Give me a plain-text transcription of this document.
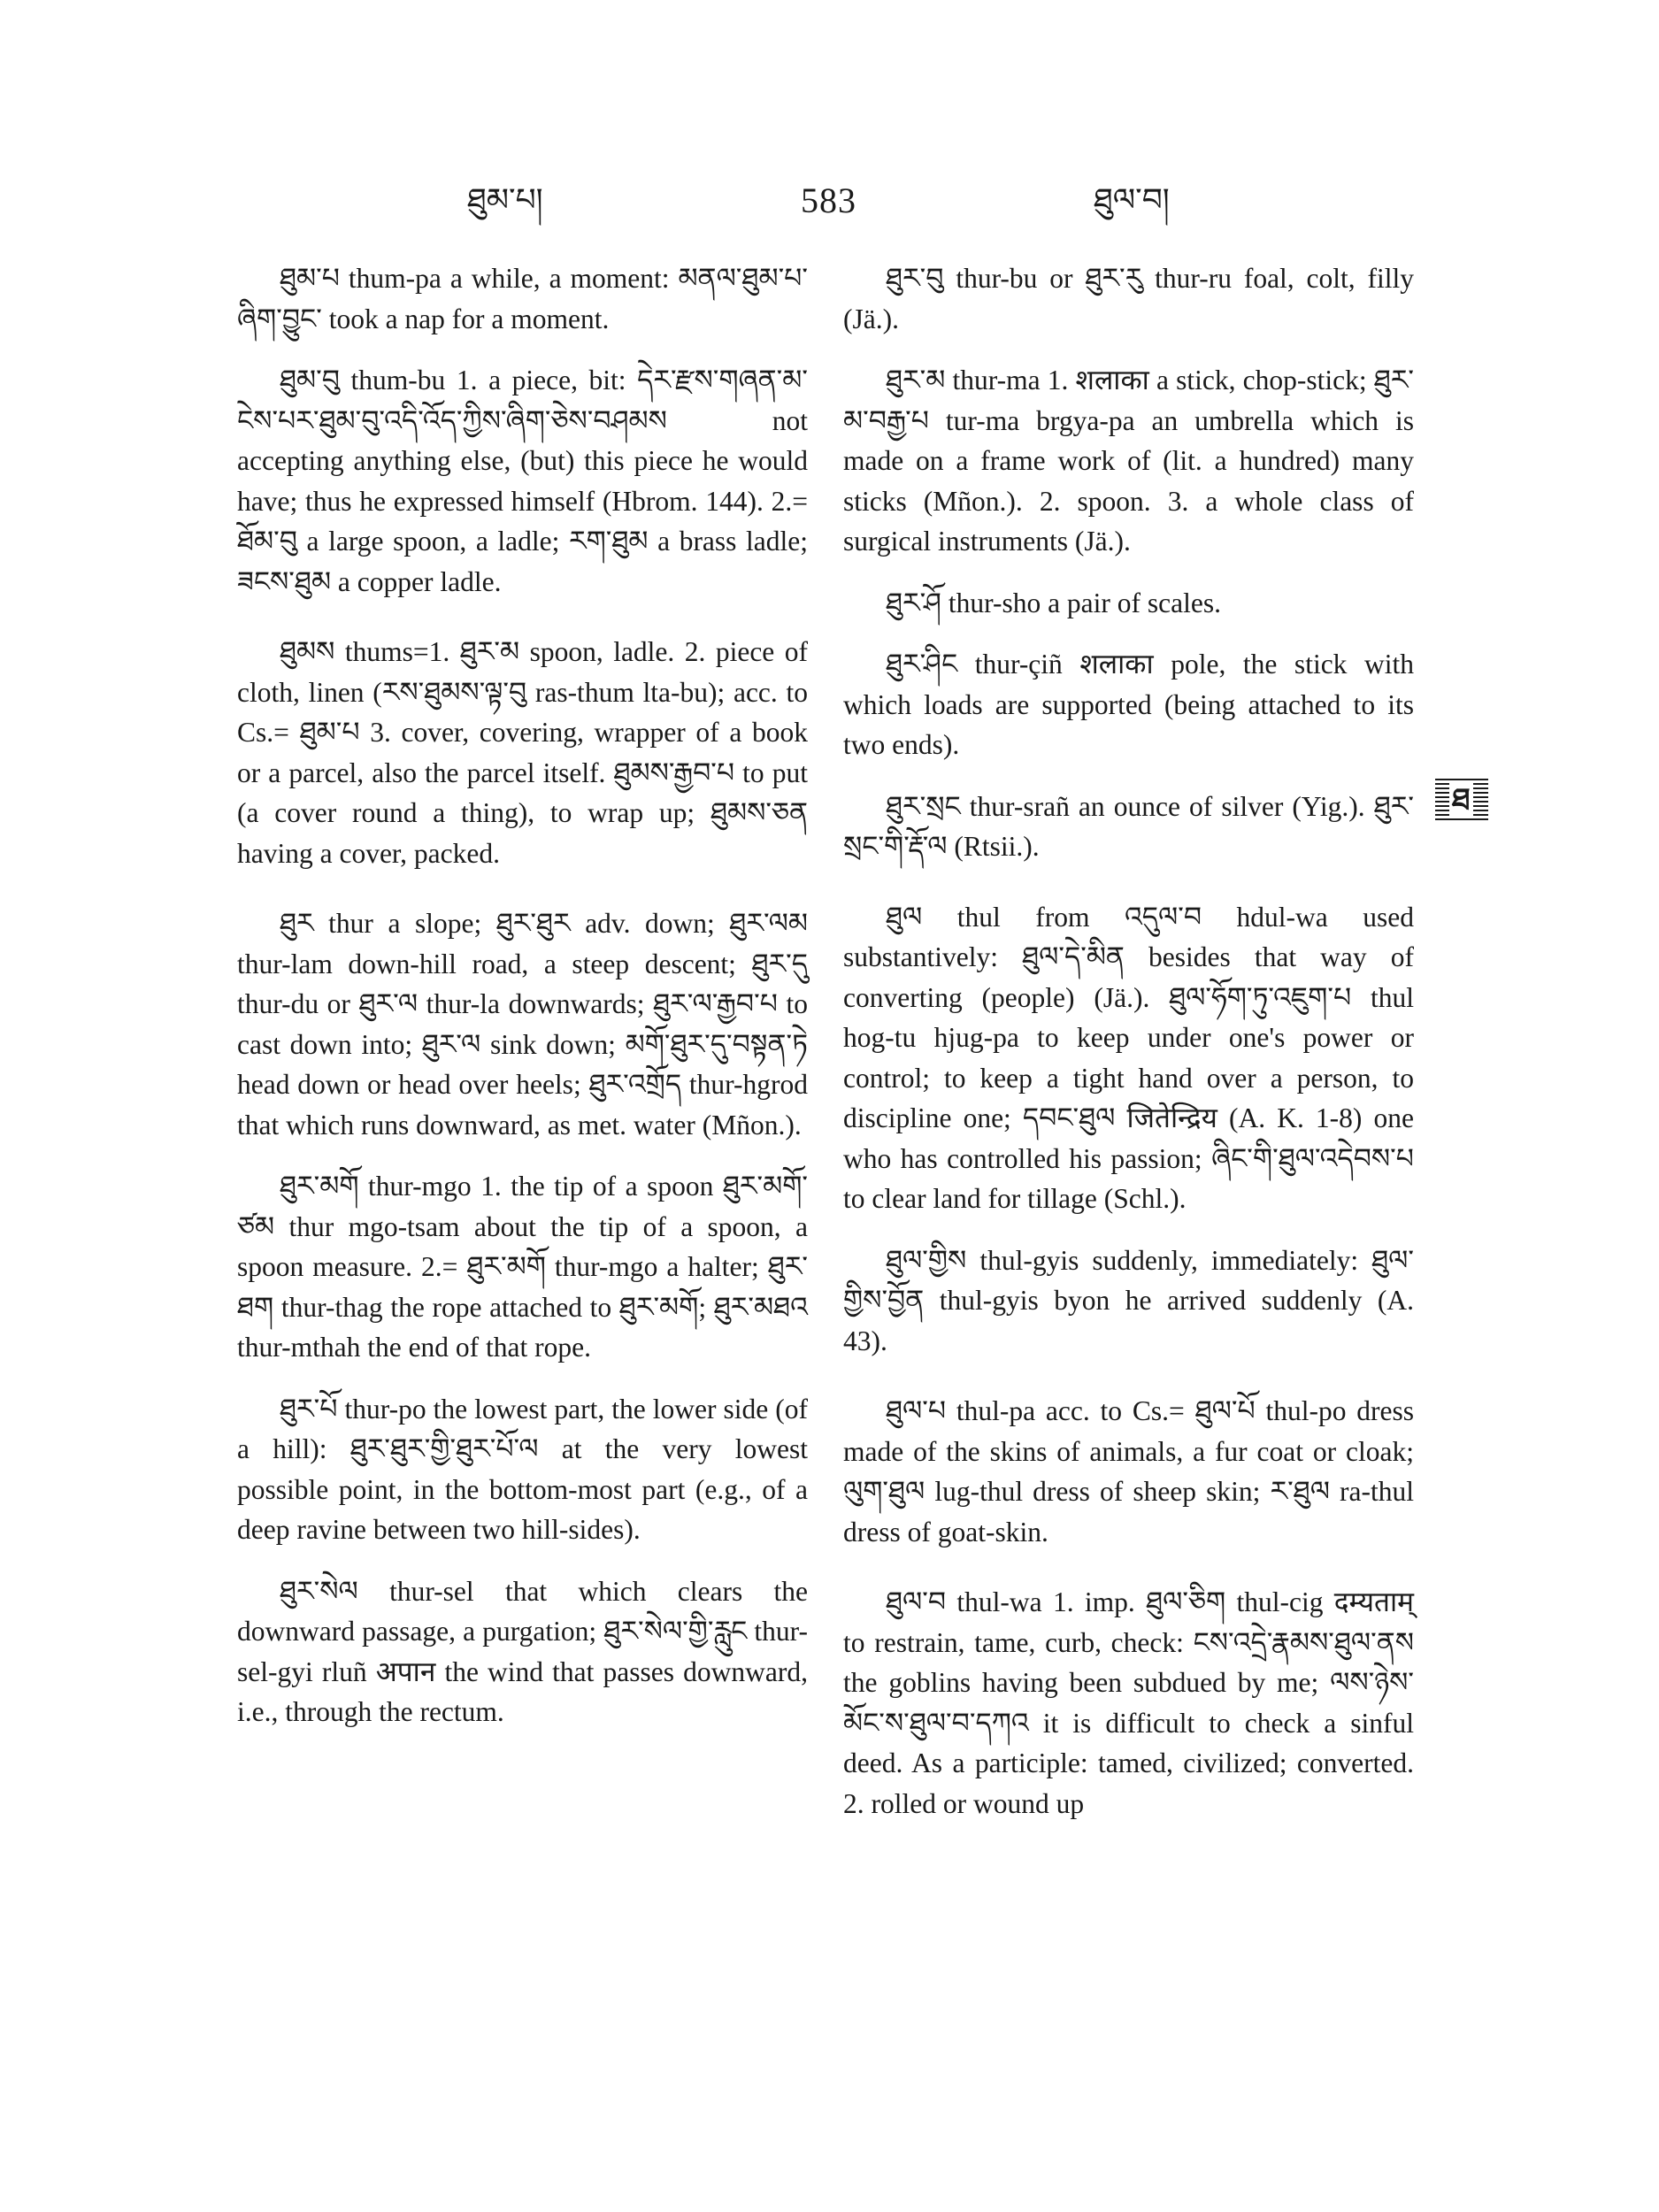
ཐུམ་པ།	583	ཐུལ་བ།

ཐུམ་པ thum-pa a while, a moment: མནལ་ཐུམ་པ་ཞིག་བྱུང་ took a nap for a moment.

ཐུམ་བུ thum-bu 1. a piece, bit: དེར་རྫས་གཞན་མ་ངེས་པར་ཐུམ་བུ་འདི་འོད་ཀྱིས་ཞིག་ཅེས་བཤམས not accepting anything else, (but) this piece he would have; thus he expressed himself (Hbrom. 144). 2.= ཐོམ་བུ a large spoon, a ladle; རག་ཐུམ a brass ladle; ཟངས་ཐུམ a copper ladle.

ཐུམས thums=1. ཐུར་མ spoon, ladle. 2. piece of cloth, linen (རས་ཐུམས་ལྟ་བུ ras-thum lta-bu); acc. to Cs.= ཐུམ་པ 3. cover, covering, wrapper of a book or a parcel, also the parcel itself. ཐུམས་རྒྱབ་པ to put (a cover round a thing), to wrap up; ཐུམས་ཅན having a cover, packed.

ཐུར thur a slope; ཐུར་ཐུར adv. down; ཐུར་ལམ thur-lam down-hill road, a steep descent; ཐུར་དུ thur-du or ཐུར་ལ thur-la downwards; ཐུར་ལ་རྒྱབ་པ to cast down into; ཐུར་ལ sink down; མགོ་ཐུར་དུ་བསྟན་ཏེ head down or head over heels; ཐུར་འགྲོད thur-hgrod that which runs downward, as met. water (Mñon.).

ཐུར་མགོ thur-mgo 1. the tip of a spoon ཐུར་མགོ་ཙམ thur mgo-tsam about the tip of a spoon, a spoon measure. 2.= ཐུར་མགོ thur-mgo a halter; ཐུར་ཐག thur-thag the rope attached to ཐུར་མགོ; ཐུར་མཐའ thur-mthah the end of that rope.

ཐུར་པོ thur-po the lowest part, the lower side (of a hill): ཐུར་ཐུར་གྱི་ཐུར་པོ་ལ at the very lowest possible point, in the bottom-most part (e.g., of a deep ravine between two hill-sides).

ཐུར་སེལ thur-sel that which clears the downward passage, a purgation; ཐུར་སེལ་གྱི་རླུང thur-sel-gyi rluñ अपान the wind that passes downward, i.e., through the rectum.

ཐུར་བུ thur-bu or ཐུར་རུ thur-ru foal, colt, filly (Jä.).

ཐུར་མ thur-ma 1. शलाका a stick, chop-stick; ཐུར་མ་བརྒྱ་པ tur-ma brgya-pa an umbrella which is made on a frame work of (lit. a hundred) many sticks (Mñon.). 2. spoon. 3. a whole class of surgical instruments (Jä.).

ཐུར་ཤོ thur-sho a pair of scales.

ཐུར་ཤིང thur-çiñ शलाका pole, the stick with which loads are supported (being attached to its two ends).

ཐུར་སྲང thur-srañ an ounce of silver (Yig.). ཐུར་སྲང་གི་རྡོ་ལ (Rtsii.).

ཐུལ thul from འདུལ་བ hdul-wa used substantively: ཐུལ་དེ་མིན besides that way of converting (people) (Jä.). ཐུལ་ཧོག་ཏུ་འཇུག་པ thul hog-tu hjug-pa to keep under one's power or control; to keep a tight hand over a person, to discipline one; དབང་ཐུལ जितेन्द्रिय (A. K. 1-8) one who has controlled his passion; ཞིང་གི་ཐུལ་འདེབས་པ to clear land for tillage (Schl.).

ཐུལ་གྱིས thul-gyis suddenly, immediately: ཐུལ་གྱིས་བྱོན thul-gyis byon he arrived suddenly (A. 43).

ཐུལ་པ thul-pa acc. to Cs.= ཐུལ་པོ thul-po dress made of the skins of animals, a fur coat or cloak; ལུག་ཐུལ lug-thul dress of sheep skin; ར་ཐུལ ra-thul dress of goat-skin.

ཐུལ་བ thul-wa 1. imp. ཐུལ་ཅིག thul-cig दम्यताम् to restrain, tame, curb, check: ངས་འདྲེ་རྣམས་ཐུལ་ནས the goblins having been subdued by me; ལས་ཉེས་མོང་ས་ཐུལ་བ་དཀའ it is difficult to check a sinful deed. As a participle: tamed, civilized; converted. 2. rolled or wound up

ཐ
